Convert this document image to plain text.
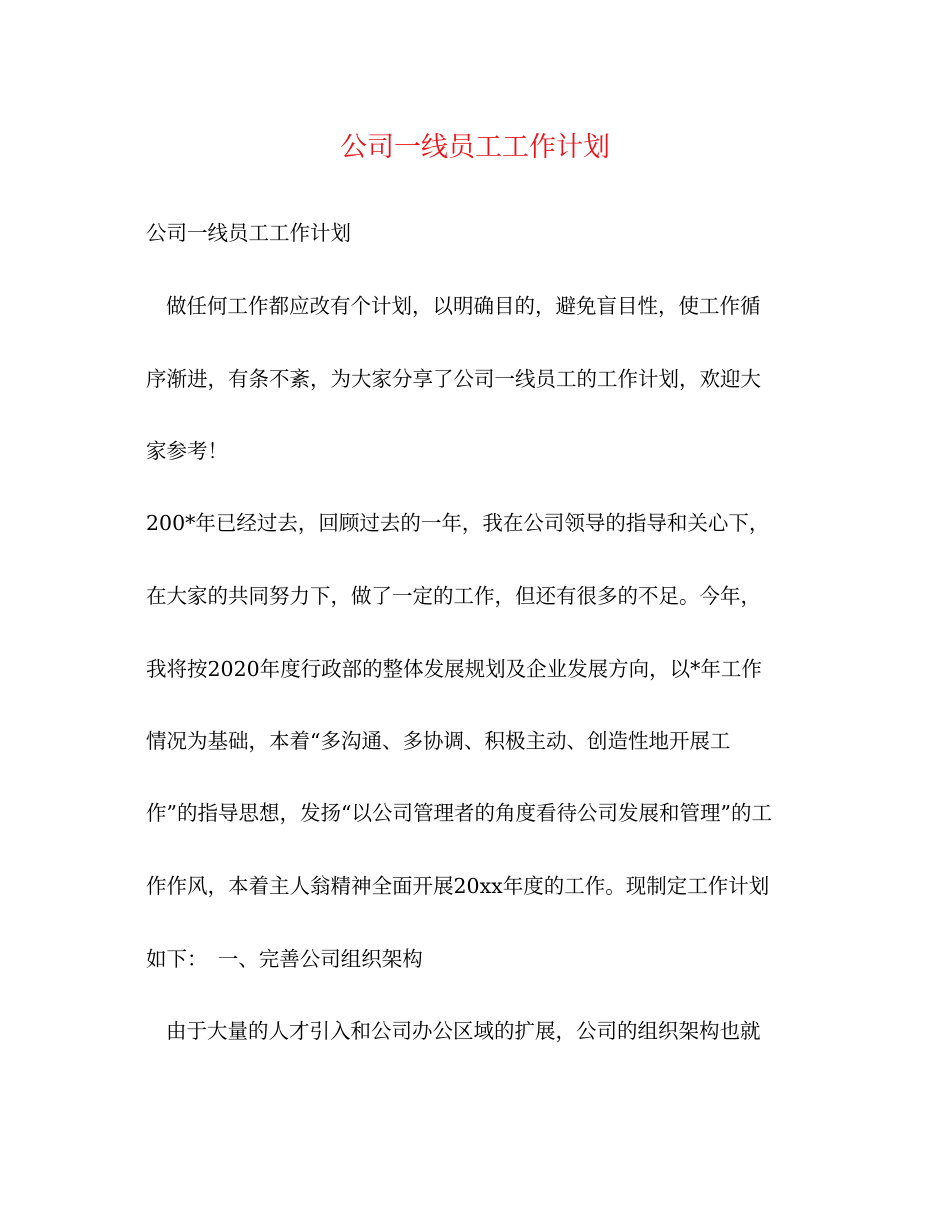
公司一线员工工作计划
公司一线员工工作计划
做任何工作都应改有个计划，以明确目的，避免盲目性，使工作循
序渐进，有条不紊，为大家分享了公司一线员工的工作计划，欢迎大
家参考！
200*年已经过去，回顾过去的一年，我在公司领导的指导和关心下，
在大家的共同努力下，做了一定的工作，但还有很多的不足。今年，
我将按2020年度行政部的整体发展规划及企业发展方向，以*年工作
情况为基础，本着“多沟通、多协调、积极主动、创造性地开展工
作”的指导思想，发扬“以公司管理者的角度看待公司发展和管理”的工
作作风，本着主人翁精神全面开展20xx年度的工作。现制定工作计划
如下：　一、完善公司组织架构
由于大量的人才引入和公司办公区域的扩展，公司的组织架构也就
